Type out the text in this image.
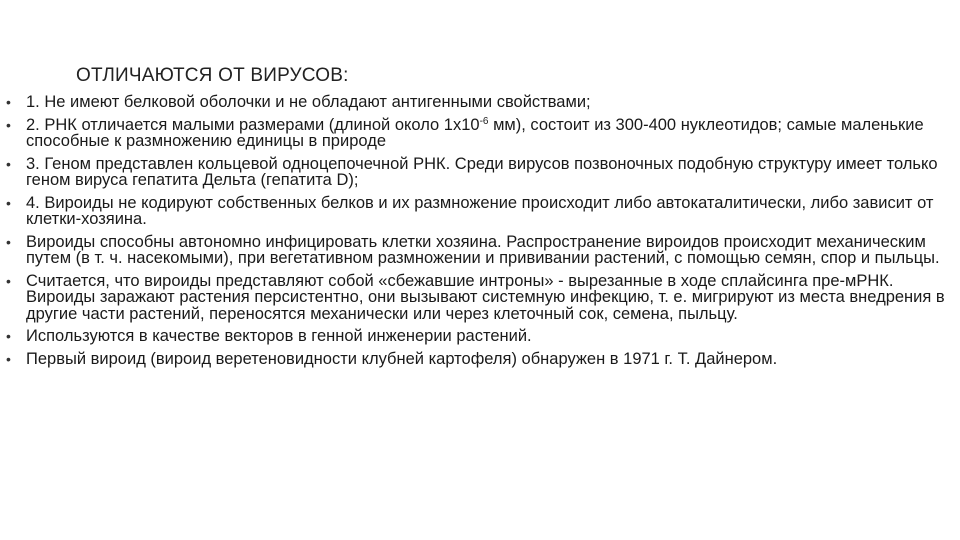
ОТЛИЧАЮТСЯ ОТ ВИРУСОВ:
• 1. Не имеют белковой оболочки и не обладают антигенными свойствами;
• 2. РНК отличается малыми размерами (длиной около $1х10^{-6}$ мм), состоит из 300-400 нуклеотидов; самые маленькие способные к размножению единицы в природе
• 3. Геном представлен кольцевой одноцепочечной РНК. Среди вирусов позвоночных подобную структуру имеет только геном вируса гепатита Дельта (гепатита D);
• 4. Вироиды не кодируют собственных белков и их размножение происходит либо автокаталитически, либо зависит от клетки-хозяина.
• Вироиды способны автономно инфицировать клетки хозяина. Распространение вироидов происходит механическим путем (в т. ч. насекомыми), при вегетативном размножении и прививании растений, с помощью семян, спор и пыльцы.
• Считается, что вироиды представляют собой «сбежавшие интроны» - вырезанные в ходе сплайсинга пре-мРНК. Вироиды заражают растения персистентно, они вызывают системную инфекцию, т. е. мигрируют из места внедрения в другие части растений, переносятся механически или через клеточный сок, семена, пыльцу.
• Используются в качестве векторов в генной инженерии растений.
• Первый вироид (вироид веретеновидности клубней картофеля) обнаружен в 1971 г. Т. Дайнером.
